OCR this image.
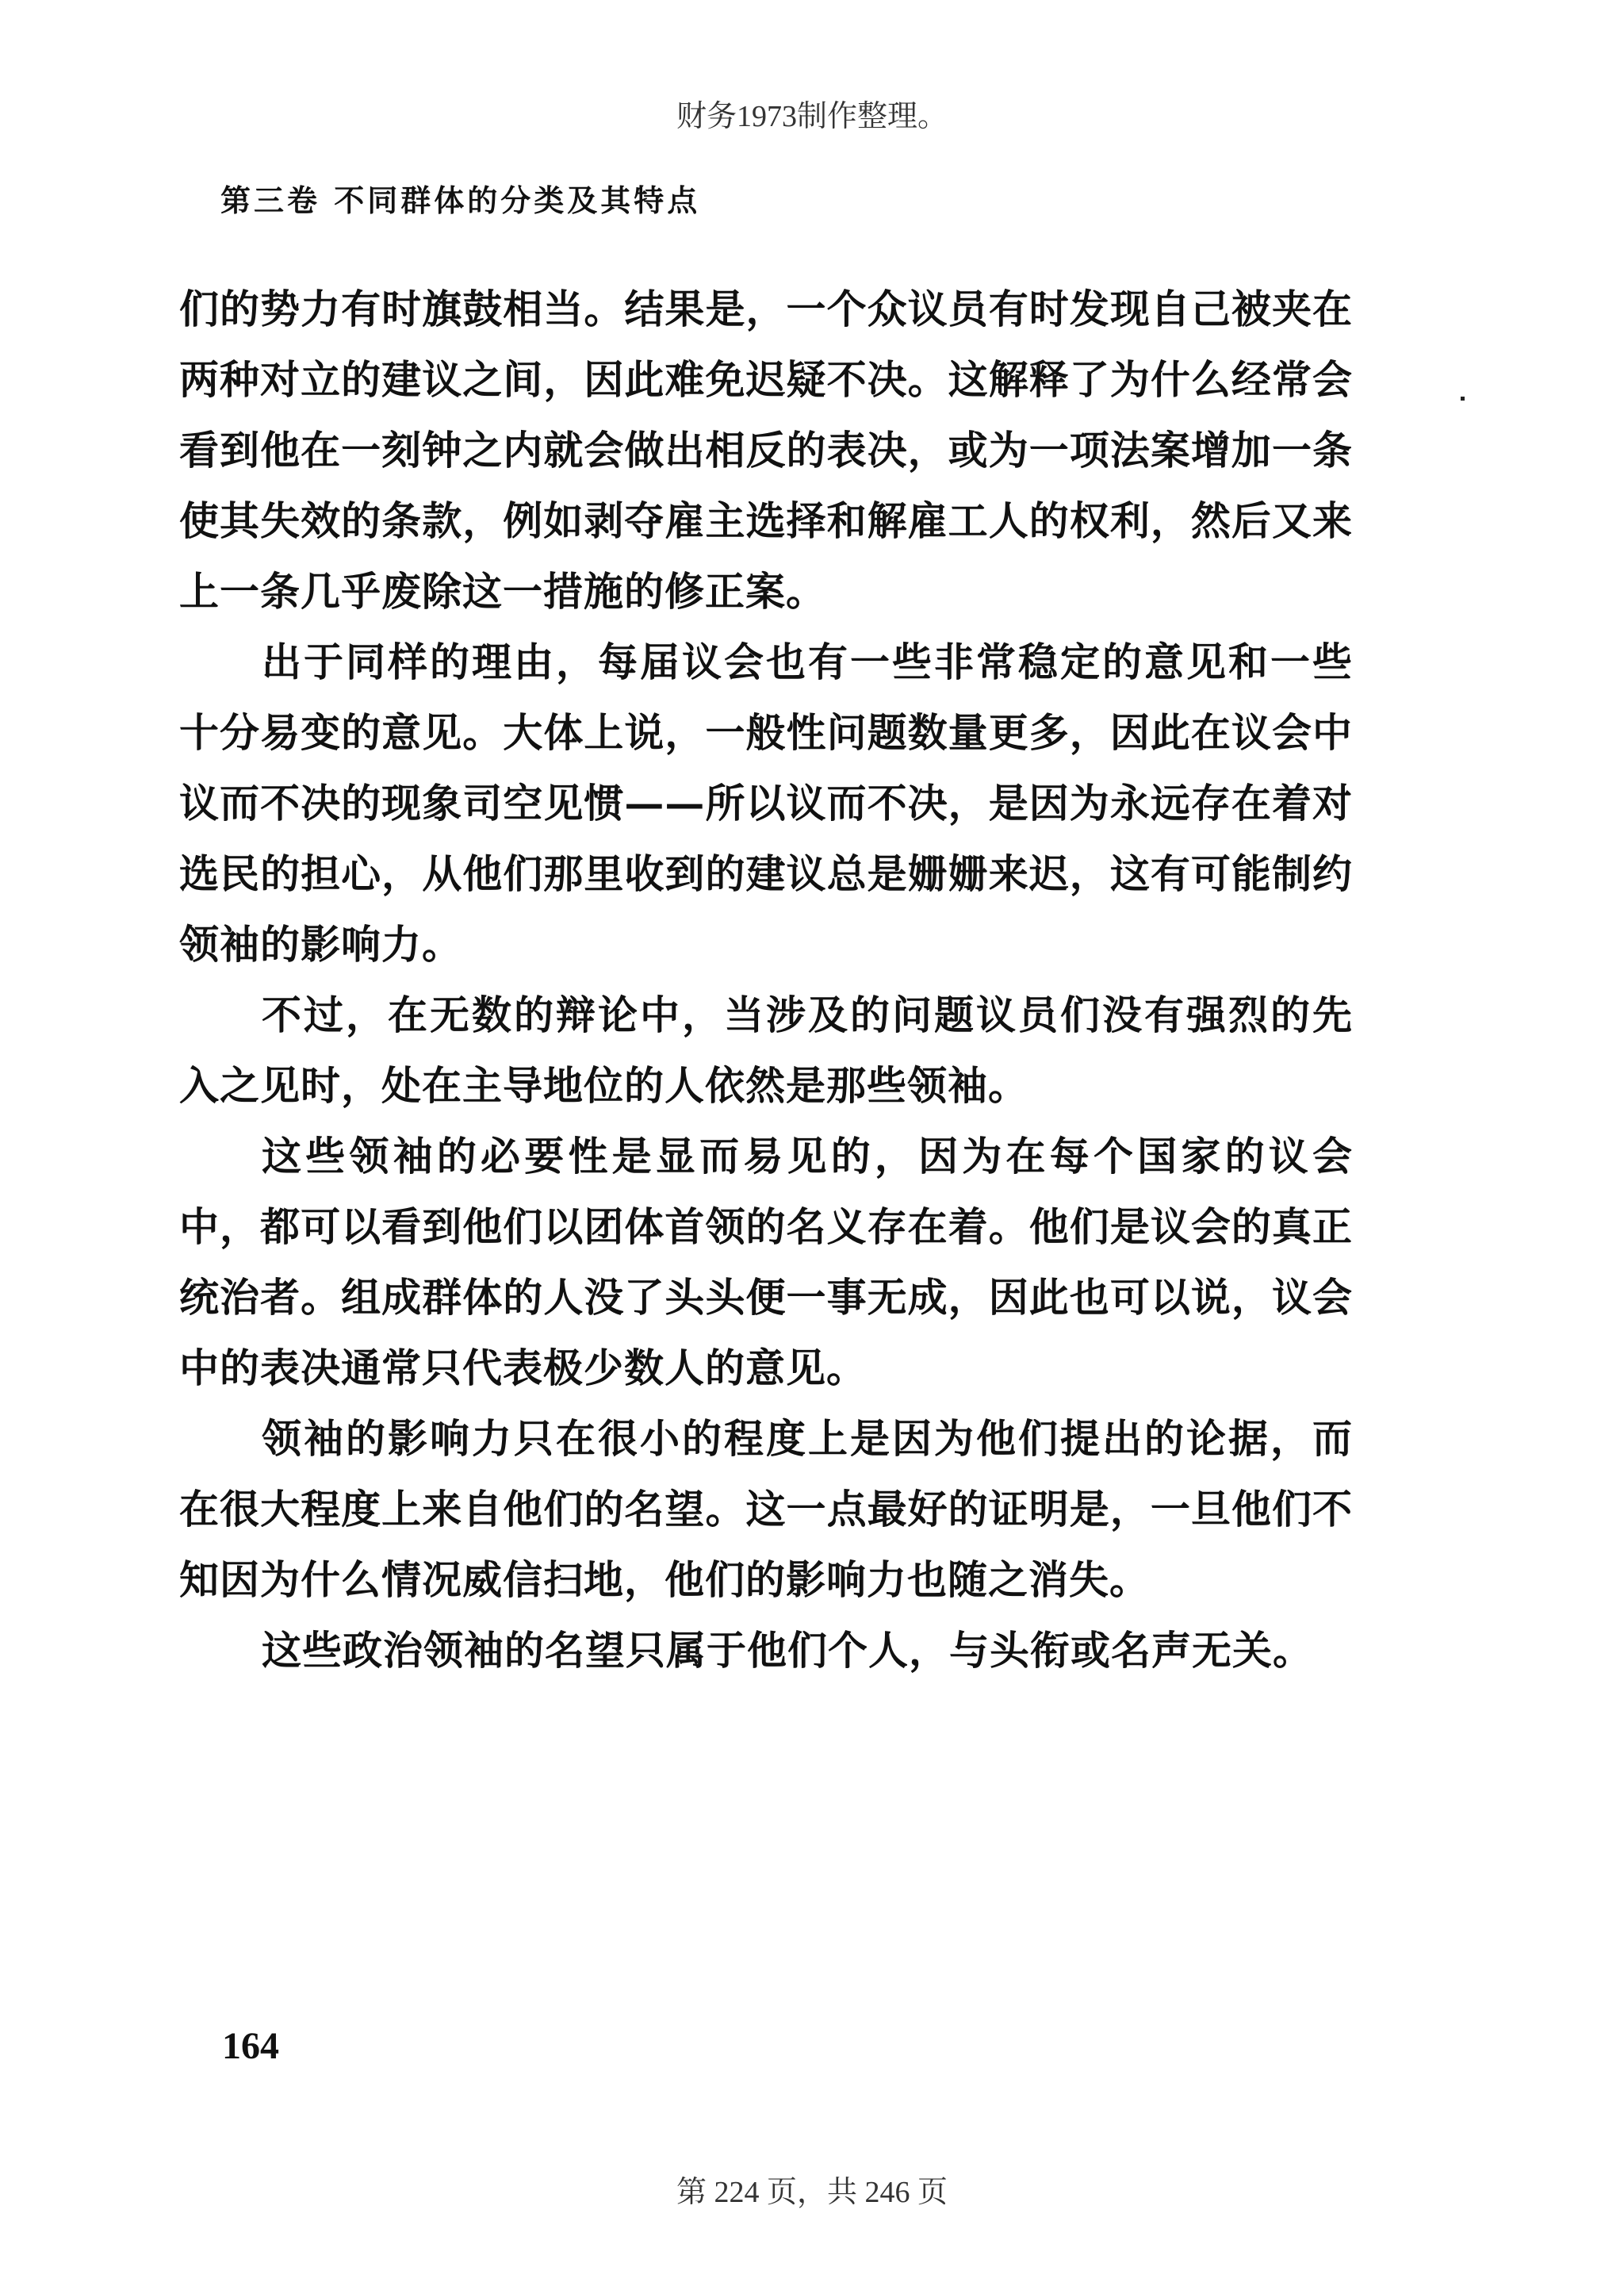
财务1973制作整理。
第三卷 不同群体的分类及其特点

们的势力有时旗鼓相当。结果是，一个众议员有时发现自己被夹在两种对立的建议之间，因此难免迟疑不决。这解释了为什么经常会看到他在一刻钟之内就会做出相反的表决，或为一项法案增加一条使其失效的条款，例如剥夺雇主选择和解雇工人的权利，然后又来上一条几乎废除这一措施的修正案。

出于同样的理由，每届议会也有一些非常稳定的意见和一些十分易变的意见。大体上说，一般性问题数量更多，因此在议会中议而不决的现象司空见惯——所以议而不决，是因为永远存在着对选民的担心，从他们那里收到的建议总是姗姗来迟，这有可能制约领袖的影响力。

不过，在无数的辩论中，当涉及的问题议员们没有强烈的先入之见时，处在主导地位的人依然是那些领袖。

这些领袖的必要性是显而易见的，因为在每个国家的议会中，都可以看到他们以团体首领的名义存在着。他们是议会的真正统治者。组成群体的人没了头头便一事无成，因此也可以说，议会中的表决通常只代表极少数人的意见。

领袖的影响力只在很小的程度上是因为他们提出的论据，而在很大程度上来自他们的名望。这一点最好的证明是，一旦他们不知因为什么情况威信扫地，他们的影响力也随之消失。

这些政治领袖的名望只属于他们个人，与头衔或名声无关。

164
第 224 页，共 246 页
